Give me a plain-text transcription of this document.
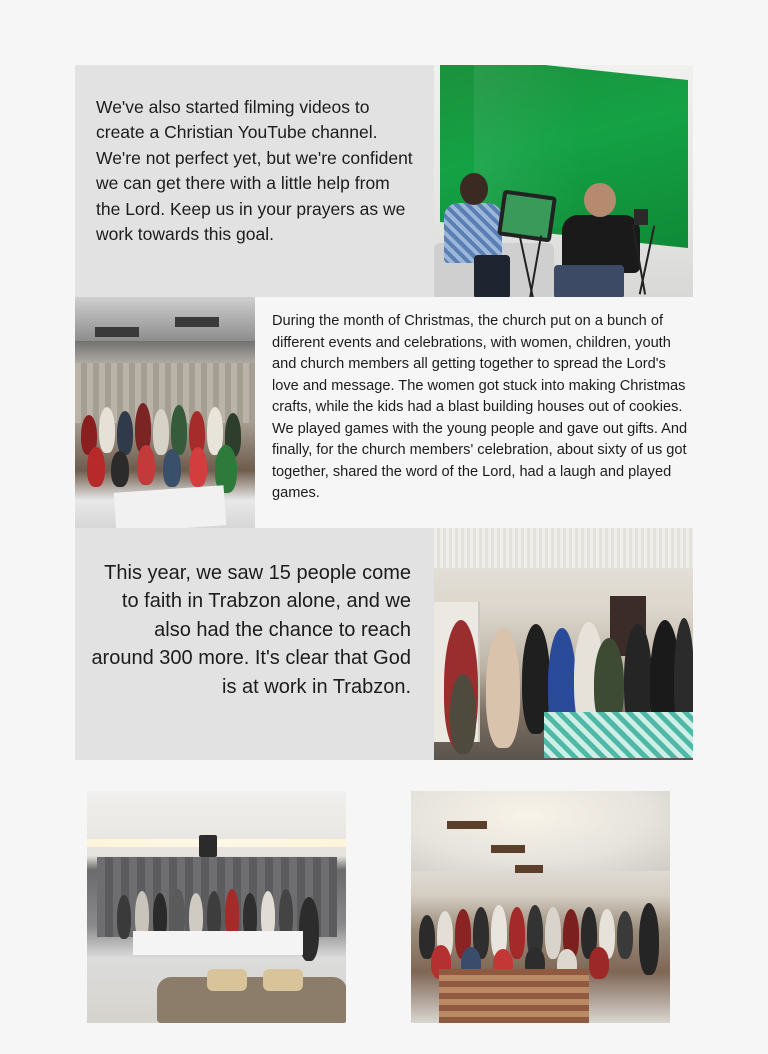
We've also started filming videos to create a Christian YouTube channel. We're not perfect yet, but we're confident we can get there with a little help from the Lord. Keep us in your prayers as we work towards this goal.

During the month of Christmas, the church put on a bunch of different events and celebrations, with women, children, youth and church members all getting together to spread the Lord's love and message. The women got stuck into making Christmas crafts, while the kids had a blast building houses out of cookies. We played games with the young people and gave out gifts. And finally, for the church members' celebration, about sixty of us got together, shared the word of the Lord, had a laugh and played games.

This year, we saw 15 people come to faith in Trabzon alone, and we also had the chance to reach around 300 more. It's clear that God is at work in Trabzon.
